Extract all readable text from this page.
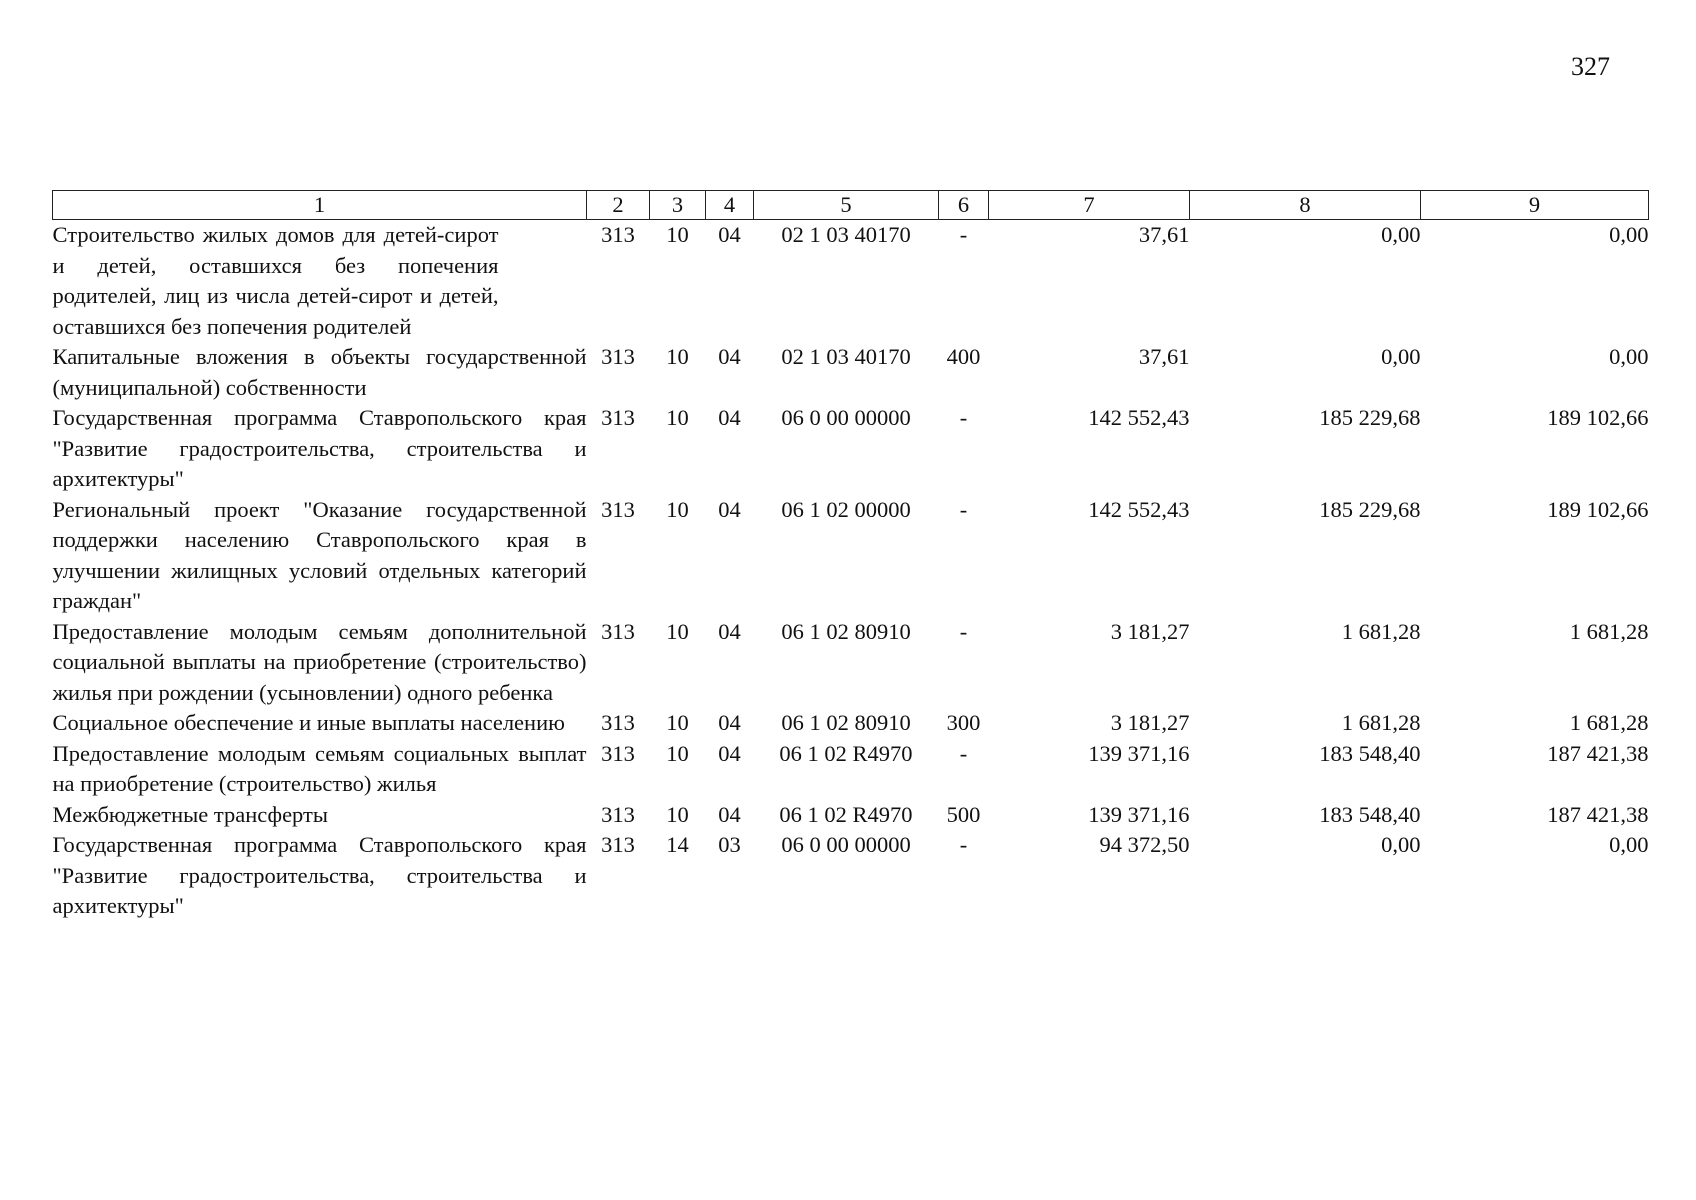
327
1	2	3	4	5	6	7	8	9

Строительство жилых домов для детей-сирот и детей, оставшихся без попечения родителей, лиц из числа детей-сирот и детей, оставшихся без попечения родителей	313	10	04	02 1 03 40170	-	37,61	0,00	0,00

Капитальные вложения в объекты государственной (муниципальной) собственности	313	10	04	02 1 03 40170	400	37,61	0,00	0,00

Государственная программа Ставропольского края "Развитие градостроительства, строительства и архитектуры"	313	10	04	06 0 00 00000	-	142 552,43	185 229,68	189 102,66

Региональный проект "Оказание государственной поддержки населению Ставропольского края в улучшении жилищных условий отдельных категорий граждан"	313	10	04	06 1 02 00000	-	142 552,43	185 229,68	189 102,66

Предоставление молодым семьям дополнительной социальной выплаты на приобретение (строительство) жилья при рождении (усыновлении) одного ребенка	313	10	04	06 1 02 80910	-	3 181,27	1 681,28	1 681,28

Социальное обеспечение и иные выплаты населению	313	10	04	06 1 02 80910	300	3 181,27	1 681,28	1 681,28

Предоставление молодым семьям социальных выплат на приобретение (строительство) жилья	313	10	04	06 1 02 R4970	-	139 371,16	183 548,40	187 421,38

Межбюджетные трансферты	313	10	04	06 1 02 R4970	500	139 371,16	183 548,40	187 421,38

Государственная программа Ставропольского края "Развитие градостроительства, строительства и архитектуры"	313	14	03	06 0 00 00000	-	94 372,50	0,00	0,00
